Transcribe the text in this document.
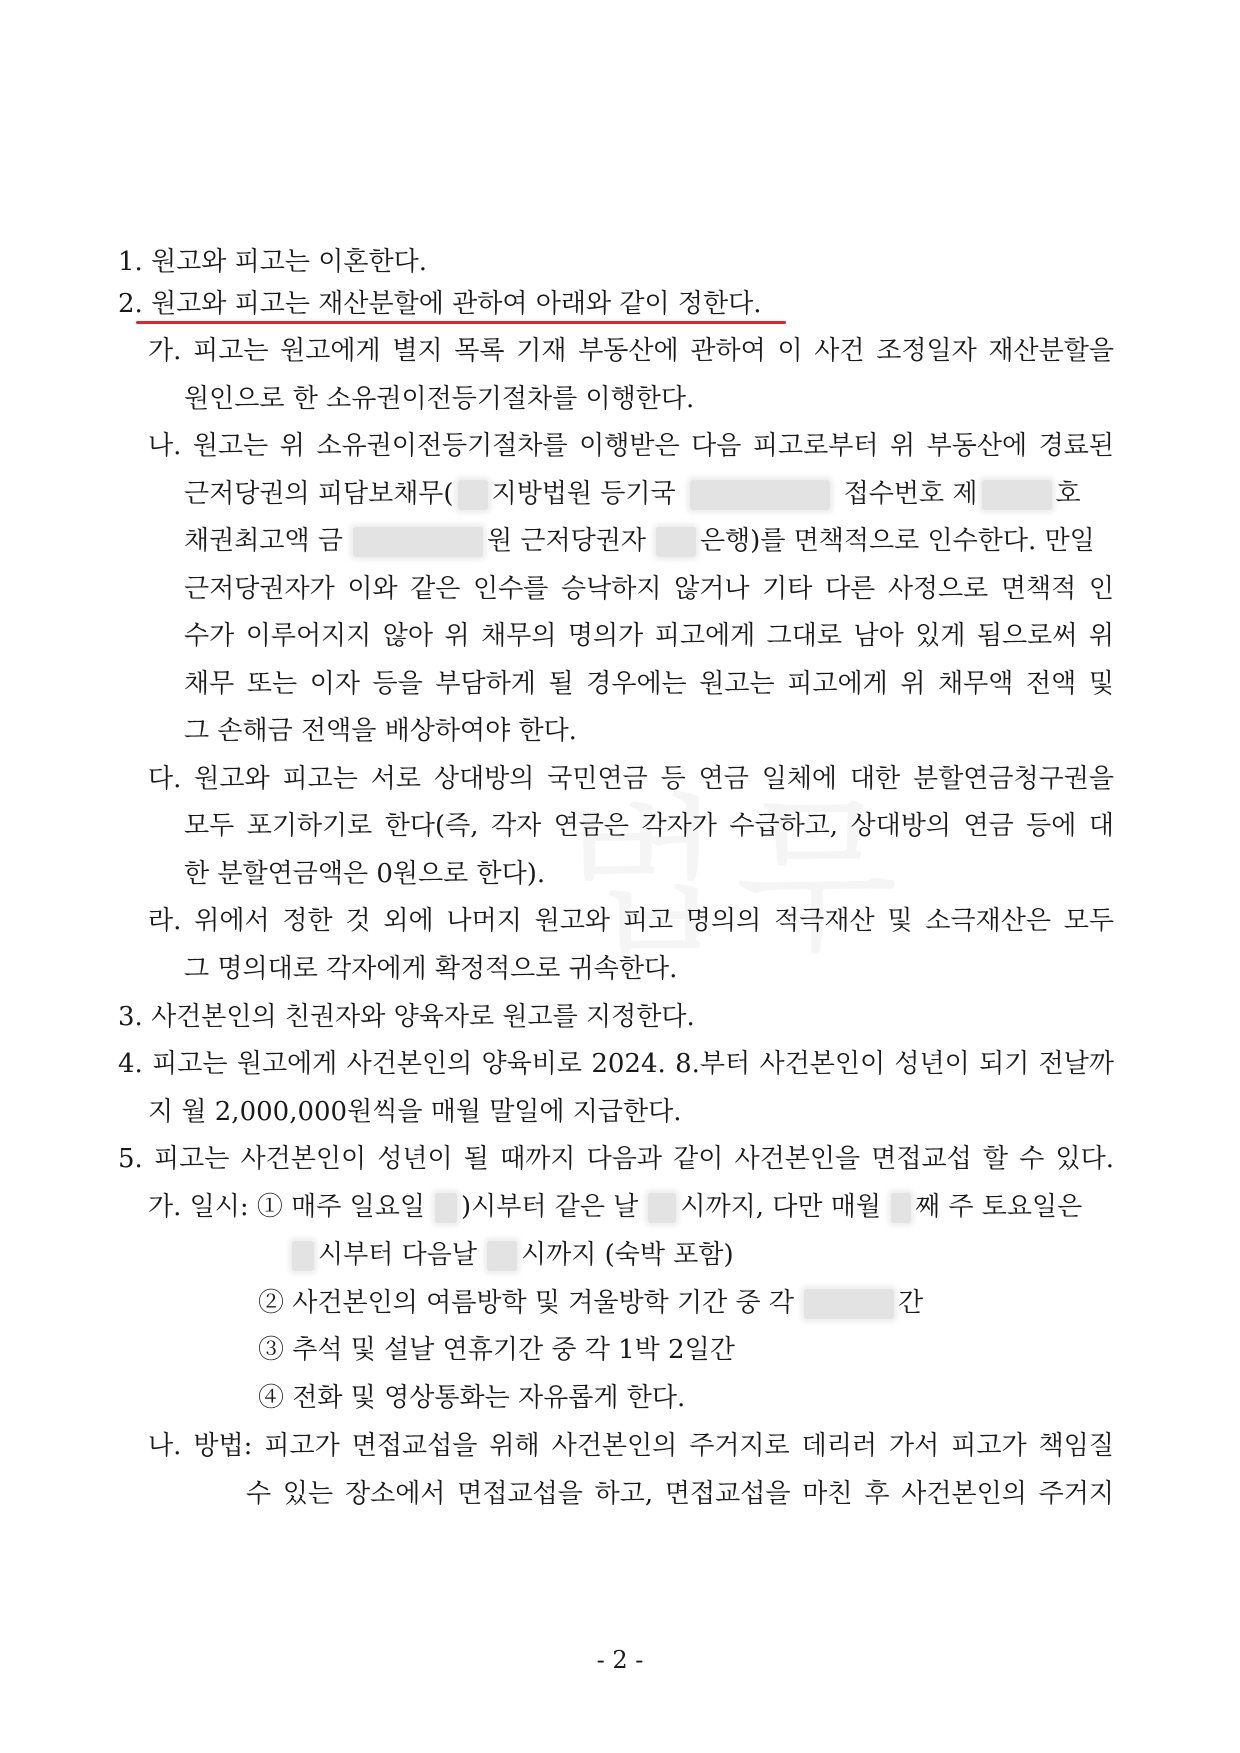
1. 원고와 피고는 이혼한다.
2. 원고와 피고는 재산분할에 관하여 아래와 같이 정한다.
가. 피고는 원고에게 별지 목록 기재 부동산에 관하여 이 사건 조정일자 재산분할을
원인으로 한 소유권이전등기절차를 이행한다.
나. 원고는 위 소유권이전등기절차를 이행받은 다음 피고로부터 위 부동산에 경료된
근저당권의 피담보채무( 지방법원 등기국	접수번호 제	호
채권최고액 금	원 근저당권자 은행)를 면책적으로 인수한다. 만일
근저당권자가 이와 같은 인수를 승낙하지 않거나 기타 다른 사정으로 면책적 인
수가 이루어지지 않아 위 채무의 명의가 피고에게 그대로 남아 있게 됨으로써 위
채무 또는 이자 등을 부담하게 될 경우에는 원고는 피고에게 위 채무액 전액 및
그 손해금 전액을 배상하여야 한다.
다. 원고와 피고는 서로 상대방의 국민연금 등 연금 일체에 대한 분할연금청구권을
모두 포기하기로 한다(즉, 각자 연금은 각자가 수급하고, 상대방의 연금 등에 대
한 분할연금액은 0원으로 한다).
라. 위에서 정한 것 외에 나머지 원고와 피고 명의의 적극재산 및 소극재산은 모두
그 명의대로 각자에게 확정적으로 귀속한다.
3. 사건본인의 친권자와 양육자로 원고를 지정한다.
4. 피고는 원고에게 사건본인의 양육비로 2024. 8.부터 사건본인이 성년이 되기 전날까
지 월 2,000,000원씩을 매월 말일에 지급한다.
5. 피고는 사건본인이 성년이 될 때까지 다음과 같이 사건본인을 면접교섭 할 수 있다.
가. 일시: ① 매주 일요일 )시부터 같은 날 시까지, 다만 매월 째 주 토요일은
시부터 다음날 시까지 (숙박 포함)
② 사건본인의 여름방학 및 겨울방학 기간 중 각	간
③ 추석 및 설날 연휴기간 중 각 1박 2일간
④ 전화 및 영상통화는 자유롭게 한다.
나. 방법: 피고가 면접교섭을 위해 사건본인의 주거지로 데리러 가서 피고가 책임질
수 있는 장소에서 면접교섭을 하고, 면접교섭을 마친 후 사건본인의 주거지
- 2 -
